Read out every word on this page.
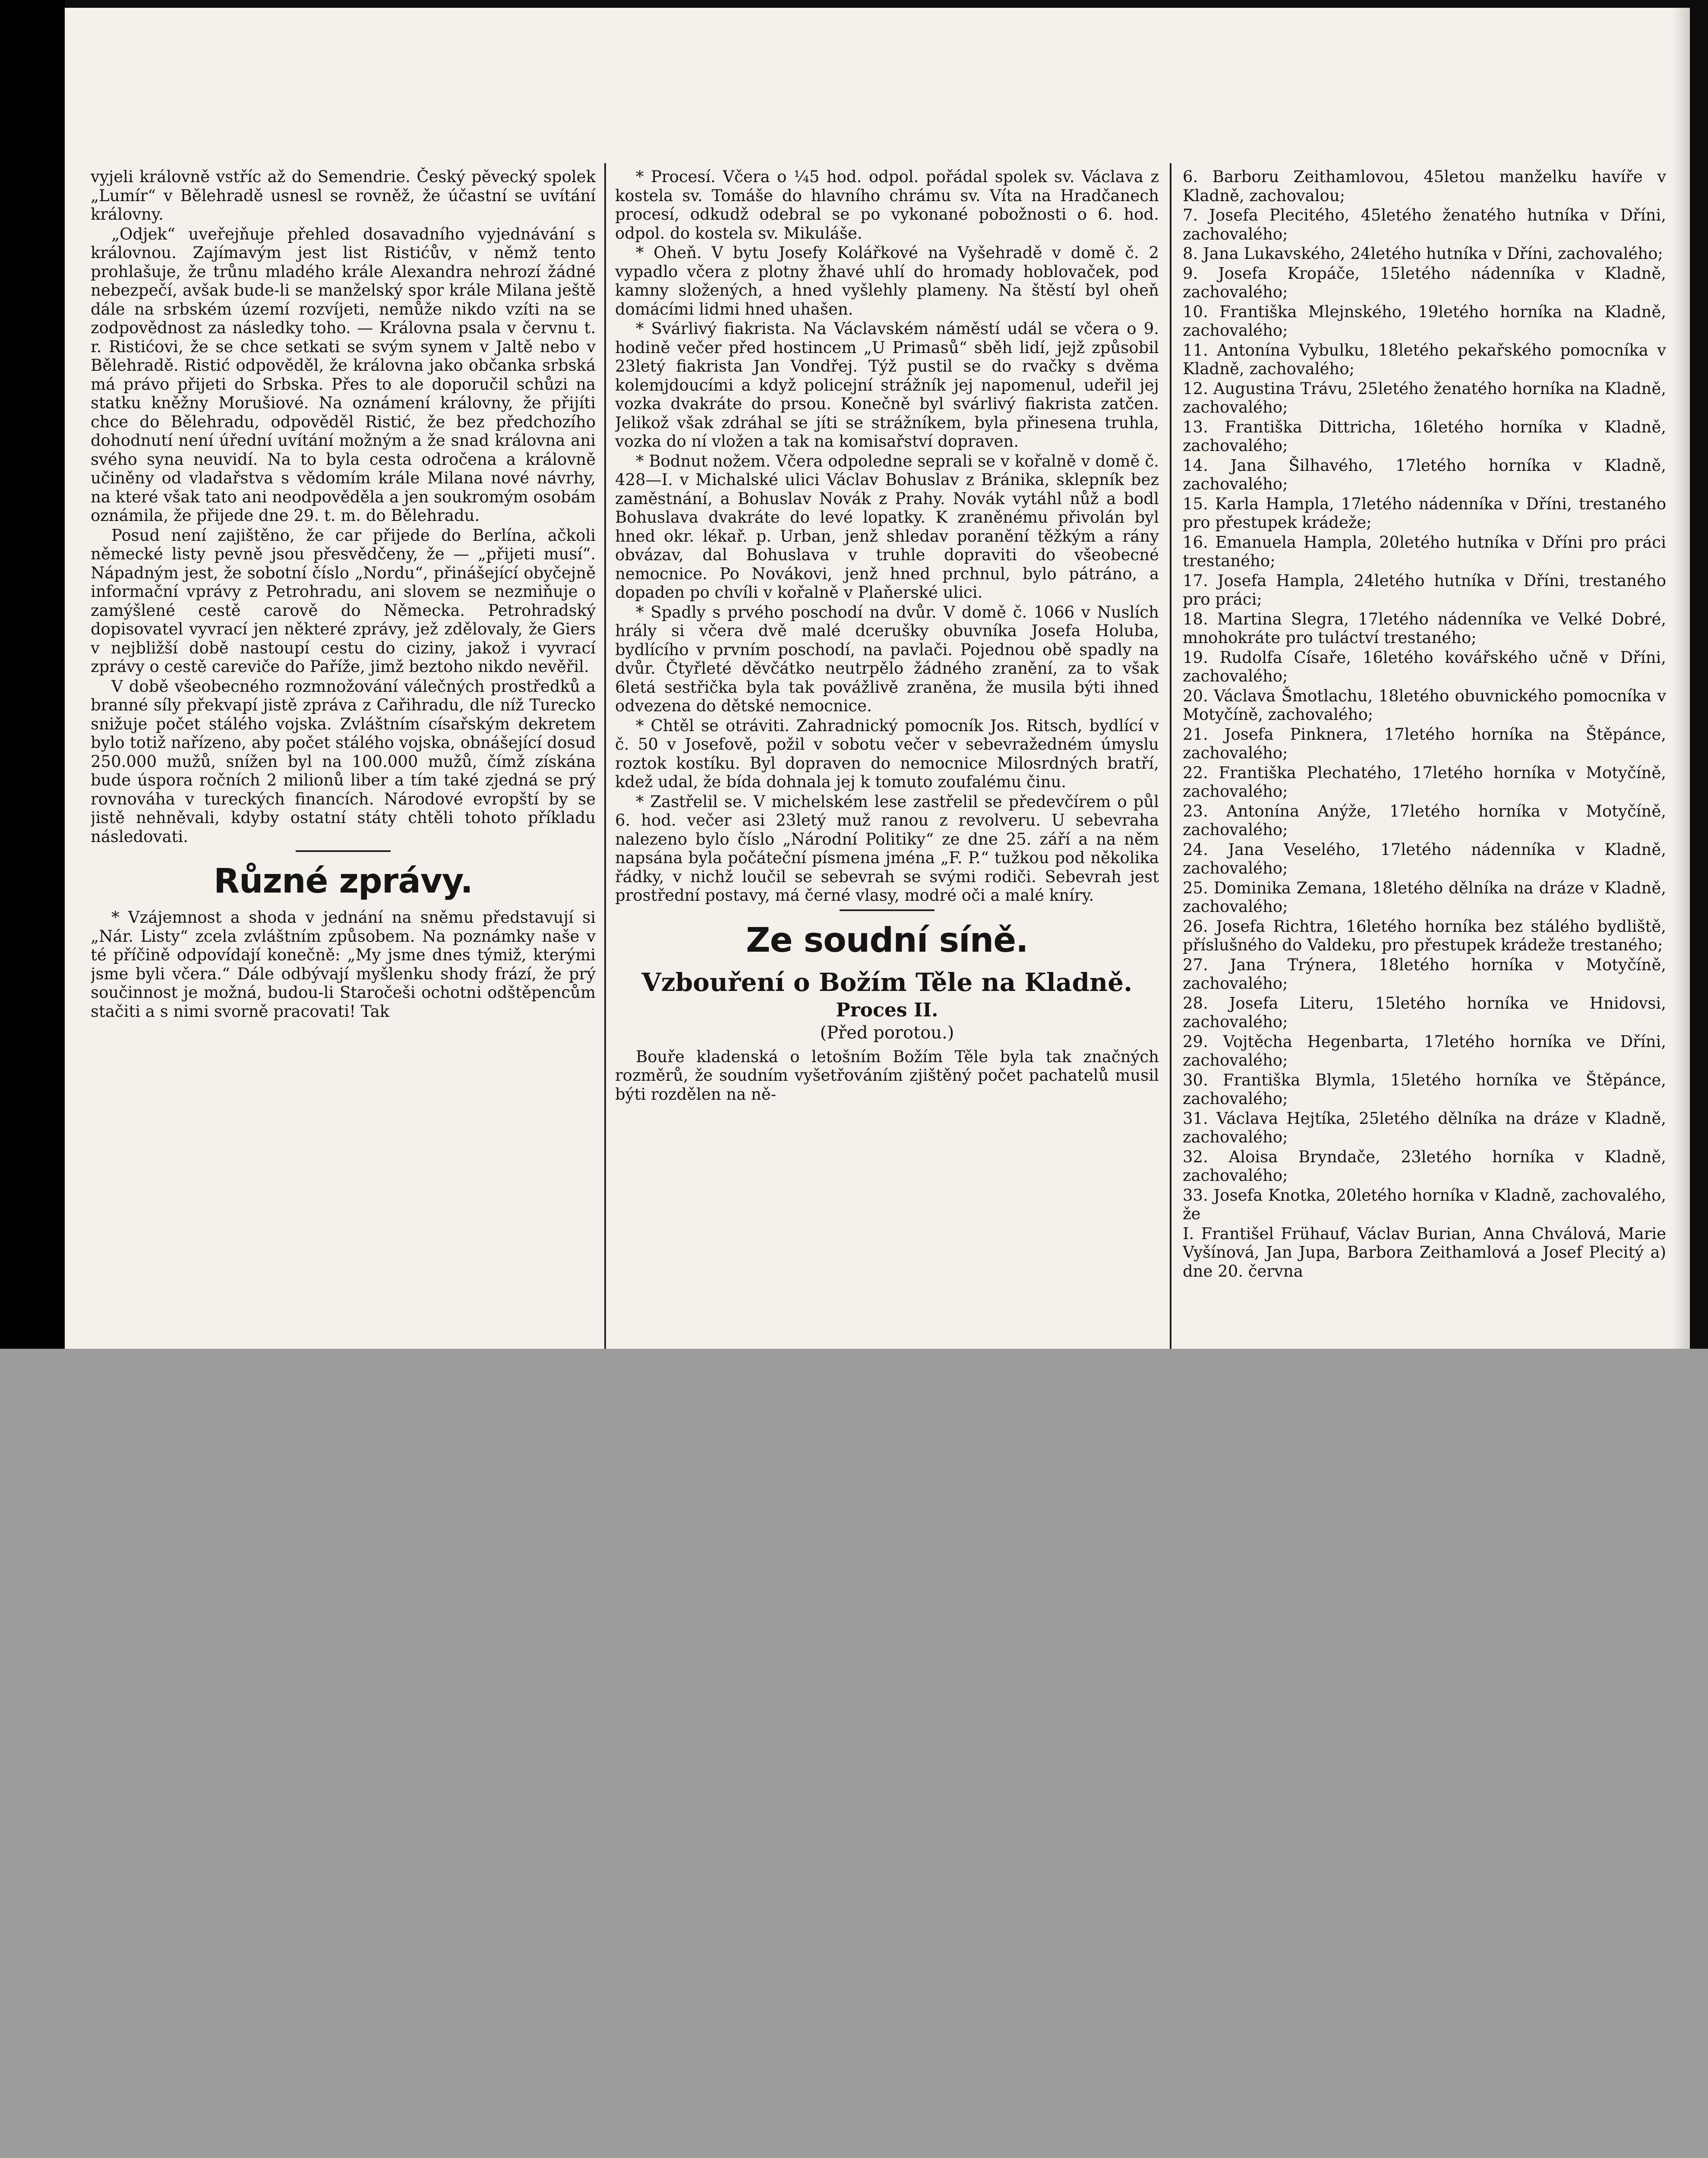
vyjeli královně vstříc až do Semendrie. Český pěvecký spolek „Lumír“ v Bělehradě usnesl se rovněž, že účastní se uvítání královny.

„Odjek“ uveřejňuje přehled dosavadního vyjednávání s královnou. Zajímavým jest list Ristićův, v němž tento prohlašuje, že trůnu mladého krále Alexandra nehrozí žádné nebezpečí, avšak bude-li se manželský spor krále Milana ještě dále na srbském území rozvíjeti, nemůže nikdo vzíti na se zodpovědnost za následky toho. — Královna psala v červnu t. r. Ristićovi, že se chce setkati se svým synem v Jaltě nebo v Bělehradě. Ristić odpověděl, že královna jako občanka srbská má právo přijeti do Srbska. Přes to ale doporučil schůzi na statku kněžny Morušiové. Na oznámení královny, že přijíti chce do Bělehradu, odpověděl Ristić, že bez předchozího dohodnutí není úřední uvítání možným a že snad královna ani svého syna neuvidí. Na to byla cesta odročena a královně učiněny od vladařstva s vědomím krále Milana nové návrhy, na které však tato ani neodpověděla a jen soukromým osobám oznámila, že přijede dne 29. t. m. do Bělehradu.

Posud není zajištěno, že car přijede do Berlína, ačkoli německé listy pevně jsou přesvědčeny, že — „přijeti musí“. Nápadným jest, že sobotní číslo „Nordu“, přinášející obyčejně informační vprávy z Petrohradu, ani slovem se nezmiňuje o zamýšlené cestě carově do Německa. Petrohradský dopisovatel vyvrací jen některé zprávy, jež zdělovaly, že Giers v nejbližší době nastoupí cestu do ciziny, jakož i vyvrací zprávy o cestě careviče do Paříže, jimž beztoho nikdo nevěřil.

V době všeobecného rozmnožování válečných prostředků a branné síly překvapí jistě zpráva z Cařihradu, dle níž Turecko snižuje počet stálého vojska. Zvláštním císařským dekretem bylo totiž nařízeno, aby počet stálého vojska, obnášející dosud 250.000 mužů, snížen byl na 100.000 mužů, čímž získána bude úspora ročních 2 milionů liber a tím také zjedná se prý rovnováha v tureckých financích. Národové evropští by se jistě nehněvali, kdyby ostatní státy chtěli tohoto příkladu následovati.

Různé zprávy.

* Vzájemnost a shoda v jednání na sněmu představují si „Nár. Listy“ zcela zvláštním způsobem. Na poznámky naše v té příčině odpovídají konečně: „My jsme dnes týmiž, kterými jsme byli včera.“ Dále odbývají myšlenku shody frází, že prý součinnost je možná, budou-li Staročeši ochotni odštěpencům stačiti a s nimi svorně pracovati! Tak

* Procesí. Včera o ¼5 hod. odpol. pořádal spolek sv. Václava z kostela sv. Tomáše do hlavního chrámu sv. Víta na Hradčanech procesí, odkudž odebral se po vykonané pobožnosti o 6. hod. odpol. do kostela sv. Mikuláše.

* Oheň. V bytu Josefy Kolářkové na Vyšehradě v domě č. 2 vypadlo včera z plotny žhavé uhlí do hromady hoblovaček, pod kamny složených, a hned vyšlehly plameny. Na štěstí byl oheň domácími lidmi hned uhašen.

* Svárlivý fiakrista. Na Václavském náměstí udál se včera o 9. hodině večer před hostincem „U Primasů“ sběh lidí, jejž způsobil 23letý fiakrista Jan Vondřej. Týž pustil se do rvačky s dvěma kolemjdoucími a když policejní strážník jej napomenul, udeřil jej vozka dvakráte do prsou. Konečně byl svárlivý fiakrista zatčen. Jelikož však zdráhal se jíti se strážníkem, byla přinesena truhla, vozka do ní vložen a tak na komisařství dopraven.

* Bodnut nožem. Včera odpoledne seprali se v kořalně v domě č. 428—I. v Michalské ulici Václav Bohuslav z Bránika, sklepník bez zaměstnání, a Bohuslav Novák z Prahy. Novák vytáhl nůž a bodl Bohuslava dvakráte do levé lopatky. K zraněnému přivolán byl hned okr. lékař. p. Urban, jenž shledav poranění těžkým a rány obvázav, dal Bohuslava v truhle dopraviti do všeobecné nemocnice. Po Novákovi, jenž hned prchnul, bylo pátráno, a dopaden po chvíli v kořalně v Plaňerské ulici.

* Spadly s prvého poschodí na dvůr. V domě č. 1066 v Nuslích hrály si včera dvě malé dcerušky obuvníka Josefa Holuba, bydlícího v prvním poschodí, na pavlači. Pojednou obě spadly na dvůr. Čtyřleté děvčátko neutrpělo žádného zranění, za to však 6letá sestřička byla tak povážlivě zraněna, že musila býti ihned odvezena do dětské nemocnice.

* Chtěl se otráviti. Zahradnický pomocník Jos. Ritsch, bydlící v č. 50 v Josefově, požil v sobotu večer v sebevražedném úmyslu roztok kostíku. Byl dopraven do nemocnice Milosrdných bratří, kdež udal, že bída dohnala jej k tomuto zoufalému činu.

* Zastřelil se. V michelském lese zastřelil se předevčírem o půl 6. hod. večer asi 23letý muž ranou z revolveru. U sebevraha nalezeno bylo číslo „Národní Politiky“ ze dne 25. září a na něm napsána byla počáteční písmena jména „F. P.“ tužkou pod několika řádky, v nichž loučil se sebevrah se svými rodiči. Sebevrah jest prostřední postavy, má černé vlasy, modré oči a malé kníry.

Ze soudní síně.
Vzbouření o Božím Těle na Kladně.
Proces II.
(Před porotou.)

Bouře kladenská o letošním Božím Těle byla tak značných rozměrů, že soudním vyšetřováním zjištěný počet pachatelů musil býti rozdělen na ně-

6. Barboru Zeithamlovou, 45letou manželku havíře v Kladně, zachovalou;

7. Josefa Plecitého, 45letého ženatého hutníka v Dříni, zachovalého;

8. Jana Lukavského, 24letého hutníka v Dříni, zachovalého;

9. Josefa Kropáče, 15letého nádenníka v Kladně, zachovalého;

10. Františka Mlejnského, 19letého horníka na Kladně, zachovalého;

11. Antonína Vybulku, 18letého pekařského pomocníka v Kladně, zachovalého;

12. Augustina Trávu, 25letého ženatého horníka na Kladně, zachovalého;

13. Františka Dittricha, 16letého horníka v Kladně, zachovalého;

14. Jana Šilhavého, 17letého horníka v Kladně, zachovalého;

15. Karla Hampla, 17letého nádenníka v Dříni, trestaného pro přestupek krádeže;

16. Emanuela Hampla, 20letého hutníka v Dříni pro práci trestaného;

17. Josefa Hampla, 24letého hutníka v Dříni, trestaného pro práci;

18. Martina Slegra, 17letého nádenníka ve Velké Dobré, mnohokráte pro tuláctví trestaného;

19. Rudolfa Císaře, 16letého kovářského učně v Dříni, zachovalého;

20. Václava Šmotlachu, 18letého obuvnického pomocníka v Motyčíně, zachovalého;

21. Josefa Pinknera, 17letého horníka na Štěpánce, zachovalého;

22. Františka Plechatého, 17letého horníka v Motyčíně, zachovalého;

23. Antonína Anýže, 17letého horníka v Motyčíně, zachovalého;

24. Jana Veselého, 17letého nádenníka v Kladně, zachovalého;

25. Dominika Zemana, 18letého dělníka na dráze v Kladně, zachovalého;

26. Josefa Richtra, 16letého horníka bez stálého bydliště, příslušného do Valdeku, pro přestupek krádeže trestaného;

27. Jana Trýnera, 18letého horníka v Motyčíně, zachovalého;

28. Josefa Literu, 15letého horníka ve Hnidovsi, zachovalého;

29. Vojtěcha Hegenbarta, 17letého horníka ve Dříni, zachovalého;

30. Františka Blymla, 15letého horníka ve Štěpánce, zachovalého;

31. Václava Hejtíka, 25letého dělníka na dráze v Kladně, zachovalého;

32. Aloisa Bryndače, 23letého horníka v Kladně, zachovalého;

33. Josefa Knotka, 20letého horníka v Kladně, zachovalého, že

I. Františel Frühauf, Václav Burian, Anna Chválová, Marie Vyšínová, Jan Jupa, Barbora Zeithamlová a Josef Plecitý a) dne 20. června
